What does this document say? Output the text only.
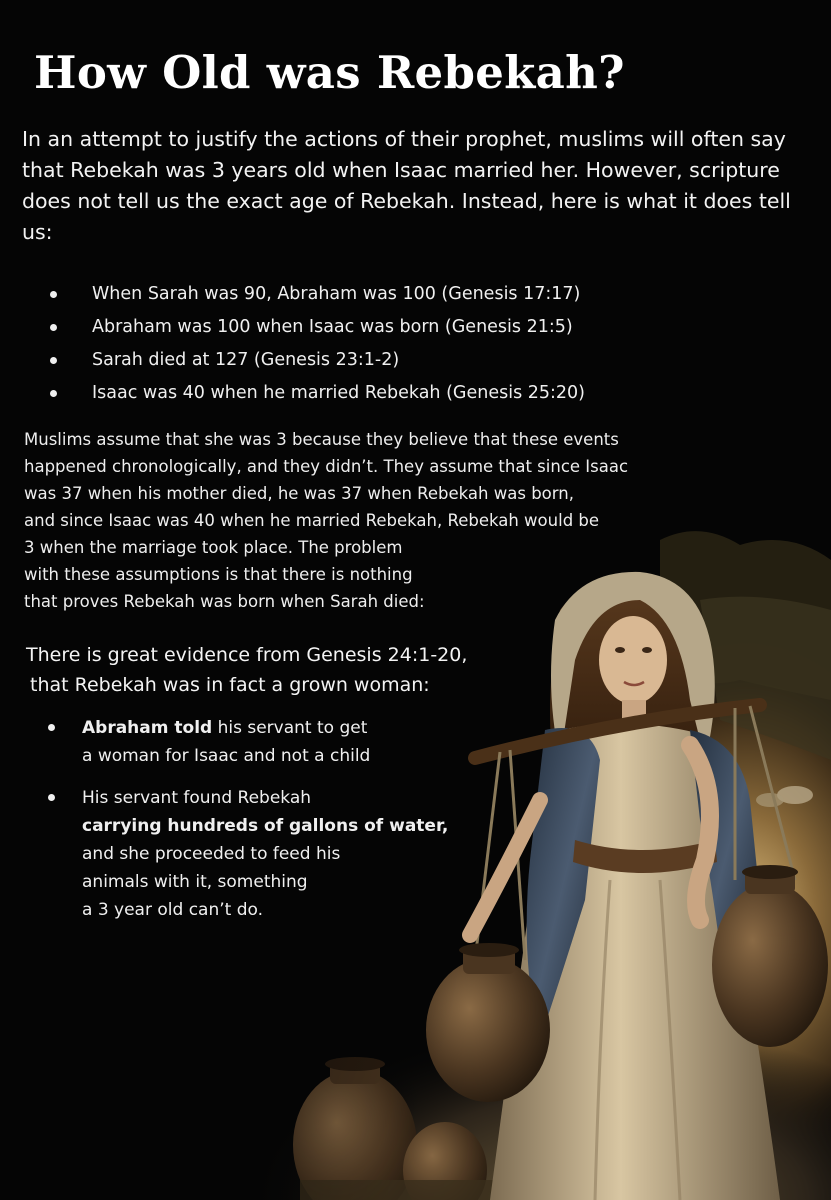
How Old was Rebekah?

In an attempt to justify the actions of their prophet, muslims will often say that Rebekah was 3 years old when Isaac married her. However, scripture does not tell us the exact age of Rebekah. Instead, here is what it does tell us:

When Sarah was 90, Abraham was 100 (Genesis 17:17)
Abraham was 100 when Isaac was born (Genesis 21:5)
Sarah died at 127 (Genesis 23:1-2)
Isaac was 40 when he married Rebekah (Genesis 25:20)

Muslims assume that she was 3 because they believe that these events
happened chronologically, and they didn’t. They assume that since Isaac
was 37 when his mother died, he was 37 when Rebekah was born,
and since Isaac was 40 when he married Rebekah, Rebekah would be
3 when the marriage took place. The problem
with these assumptions is that there is nothing
that proves Rebekah was born when Sarah died:

There is great evidence from Genesis 24:1-20,
that Rebekah was in fact a grown woman:

Abraham told his servant to get
a woman for Isaac and not a child
His servant found Rebekah
carrying hundreds of gallons of water,
and she proceeded to feed his
animals with it, something
a 3 year old can’t do.
